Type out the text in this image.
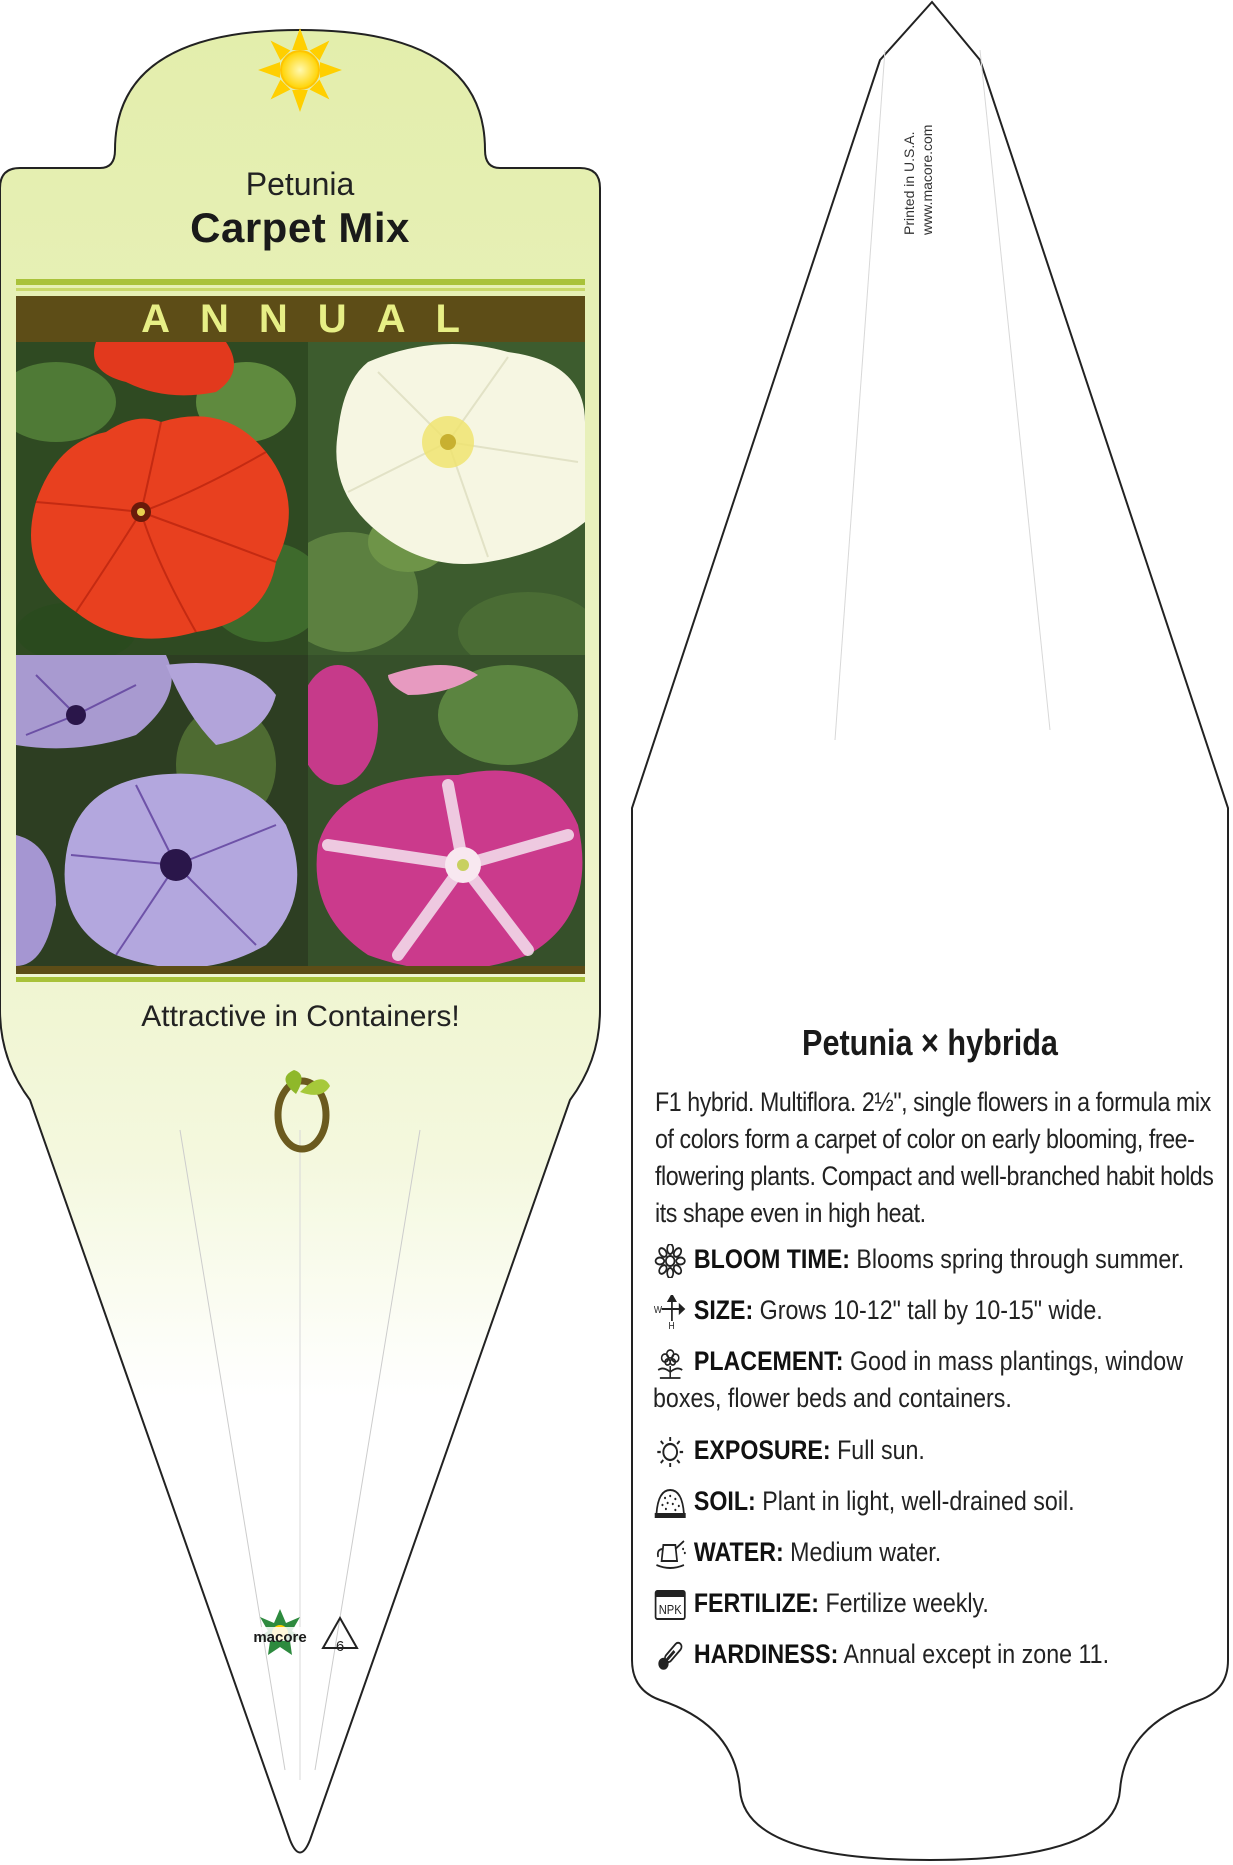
macore
6
Petunia
Carpet Mix
ANNUAL
Attractive in Containers!
Printed in U.S.A. www.macore.com
Petunia × hybrida
F1 hybrid. Multiflora. 2½", single flowers in a formula mix of colors form a carpet of color on early blooming, free-flowering plants. Compact and well-branched habit holds its shape even in high heat.
BLOOM TIME: Blooms spring through summer.
W
H
SIZE: Grows 10-12" tall by 10-15" wide.
PLACEMENT: Good in mass plantings, window boxes, flower beds and containers.
EXPOSURE: Full sun.
SOIL: Plant in light, well-drained soil.
WATER: Medium water.
NPK FERTILIZE: Fertilize weekly.
HARDINESS: Annual except in zone 11.
